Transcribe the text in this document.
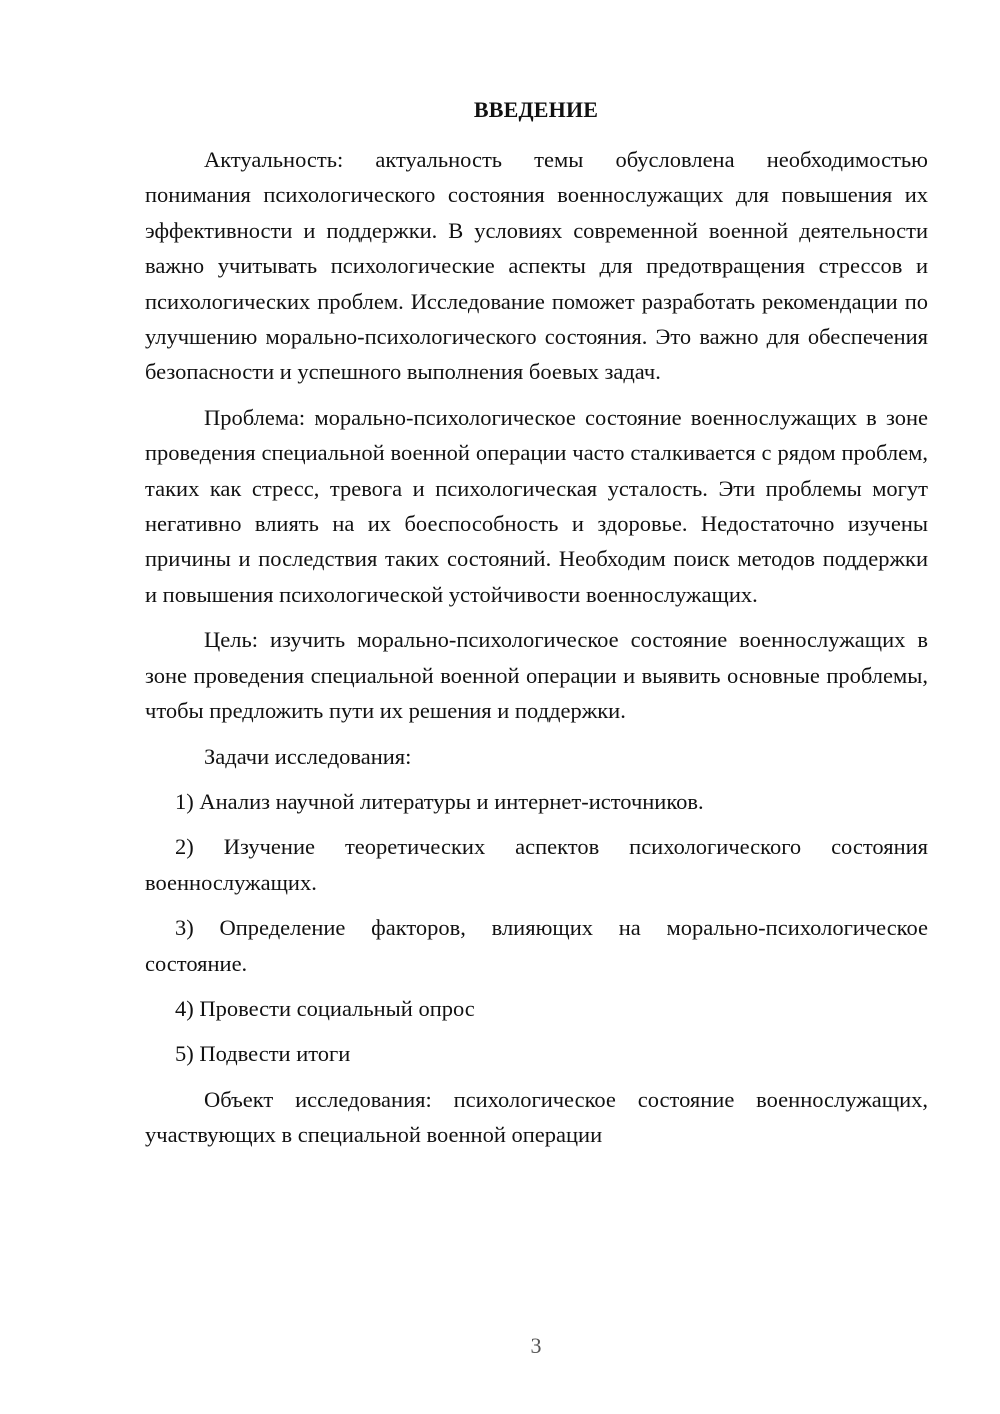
ВВЕДЕНИЕ

Актуальность: актуальность темы обусловлена необходимостью понимания психологического состояния военнослужащих для повышения их эффективности и поддержки. В условиях современной военной деятельности важно учитывать психологические аспекты для предотвращения стрессов и психологических проблем. Исследование поможет разработать рекомендации по улучшению морально-психологического состояния. Это важно для обеспечения безопасности и успешного выполнения боевых задач.

Проблема: морально-психологическое состояние военнослужащих в зоне проведения специальной военной операции часто сталкивается с рядом проблем, таких как стресс, тревога и психологическая усталость. Эти проблемы могут негативно влиять на их боеспособность и здоровье. Недостаточно изучены причины и последствия таких состояний. Необходим поиск методов поддержки и повышения психологической устойчивости военнослужащих.

Цель: изучить морально-психологическое состояние военнослужащих в зоне проведения специальной военной операции и выявить основные проблемы, чтобы предложить пути их решения и поддержки.

Задачи исследования:

1) Анализ научной литературы и интернет-источников.

2) Изучение теоретических аспектов психологического состояния военнослужащих.

3) Определение факторов, влияющих на морально-психологическое состояние.

4) Провести социальный опрос

5) Подвести итоги

Объект исследования: психологическое состояние военнослужащих, участвующих в специальной военной операции

3
